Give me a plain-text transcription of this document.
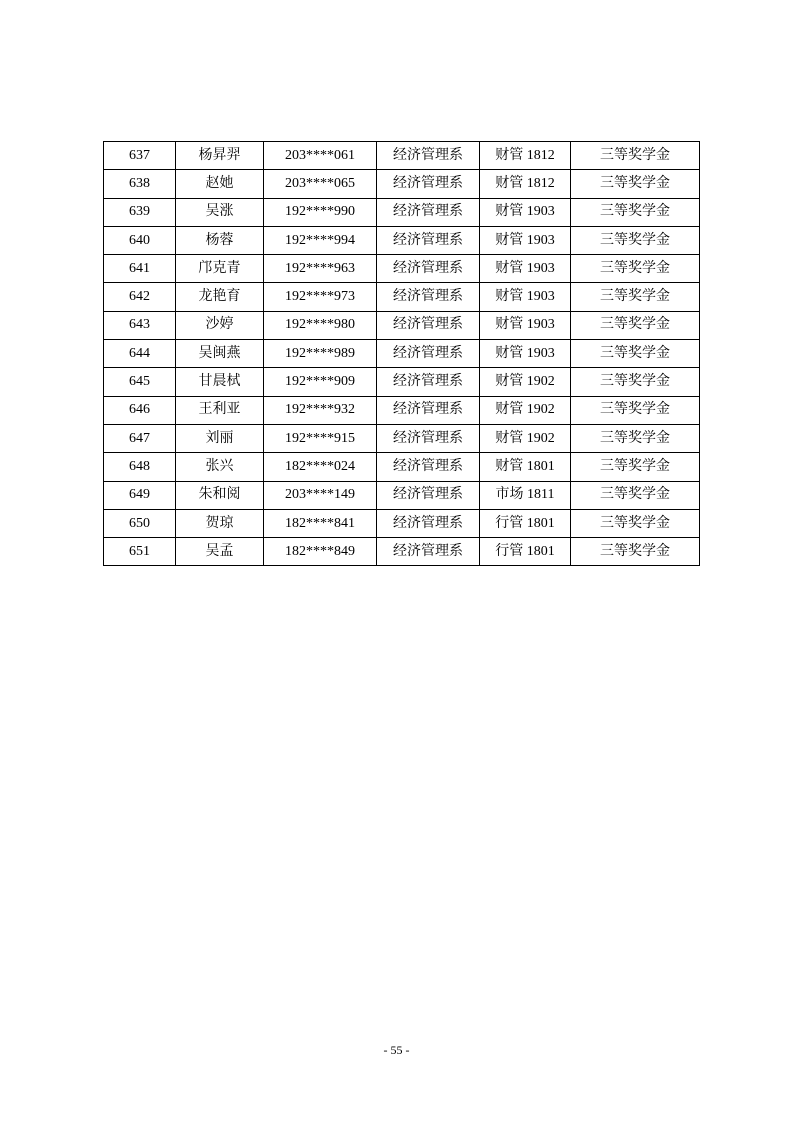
637	杨昇羿	203****061	经济管理系	财管 1812	三等奖学金
638	赵她	203****065	经济管理系	财管 1812	三等奖学金
639	吴涨	192****990	经济管理系	财管 1903	三等奖学金
640	杨蓉	192****994	经济管理系	财管 1903	三等奖学金
641	邝克青	192****963	经济管理系	财管 1903	三等奖学金
642	龙艳育	192****973	经济管理系	财管 1903	三等奖学金
643	沙婷	192****980	经济管理系	财管 1903	三等奖学金
644	吴闽燕	192****989	经济管理系	财管 1903	三等奖学金
645	甘晨栻	192****909	经济管理系	财管 1902	三等奖学金
646	王利亚	192****932	经济管理系	财管 1902	三等奖学金
647	刘丽	192****915	经济管理系	财管 1902	三等奖学金
648	张兴	182****024	经济管理系	财管 1801	三等奖学金
649	朱和阅	203****149	经济管理系	市场 1811	三等奖学金
650	贺琼	182****841	经济管理系	行管 1801	三等奖学金
651	吴孟	182****849	经济管理系	行管 1801	三等奖学金
- 55 -
